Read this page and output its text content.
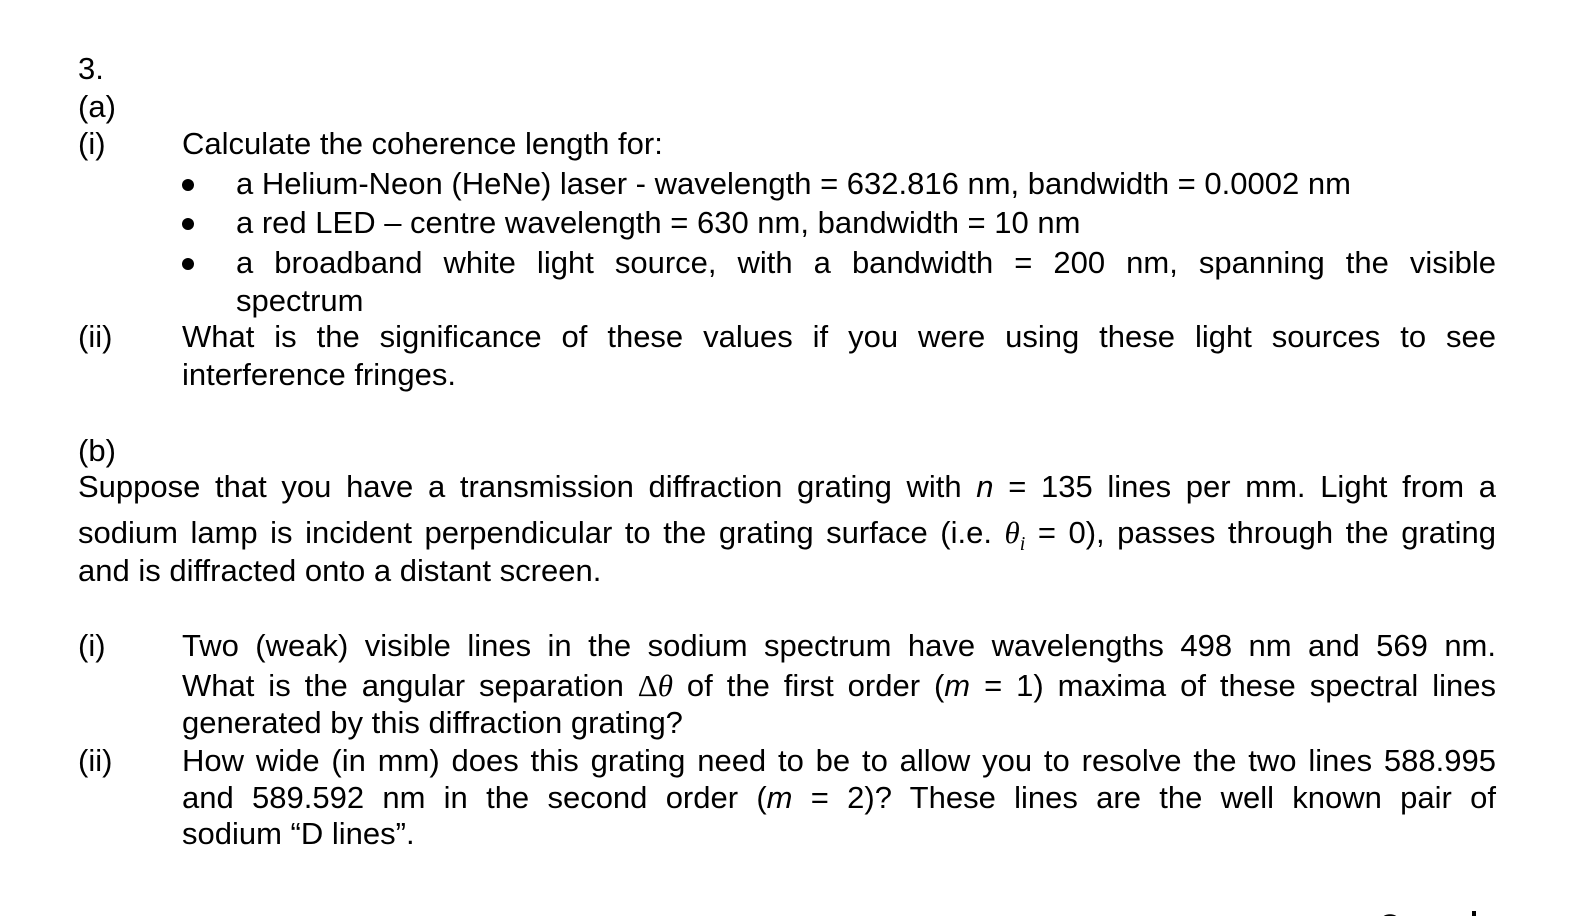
3.
(a)
(i) Calculate the coherence length for:
a Helium-Neon (HeNe) laser - wavelength = 632.816 nm, bandwidth = 0.0002 nm
a red LED – centre wavelength = 630 nm, bandwidth = 10 nm
a broadband white light source, with a bandwidth = 200 nm, spanning the visible
spectrum
(ii) What is the significance of these values if you were using these light sources to see
interference fringes.
(b)
Suppose that you have a transmission diffraction grating with n = 135 lines per mm. Light from a
sodium lamp is incident perpendicular to the grating surface (i.e. $\theta_i = 0$), passes through the grating
and is diffracted onto a distant screen.
(i) Two (weak) visible lines in the sodium spectrum have wavelengths 498 nm and 569 nm.
What is the angular separation Δθ of the first order (m = 1) maxima of these spectral lines
generated by this diffraction grating?
(ii) How wide (in mm) does this grating need to be to allow you to resolve the two lines 588.995
and 589.592 nm in the second order (m = 2)? These lines are the well known pair of
sodium “D lines”.
